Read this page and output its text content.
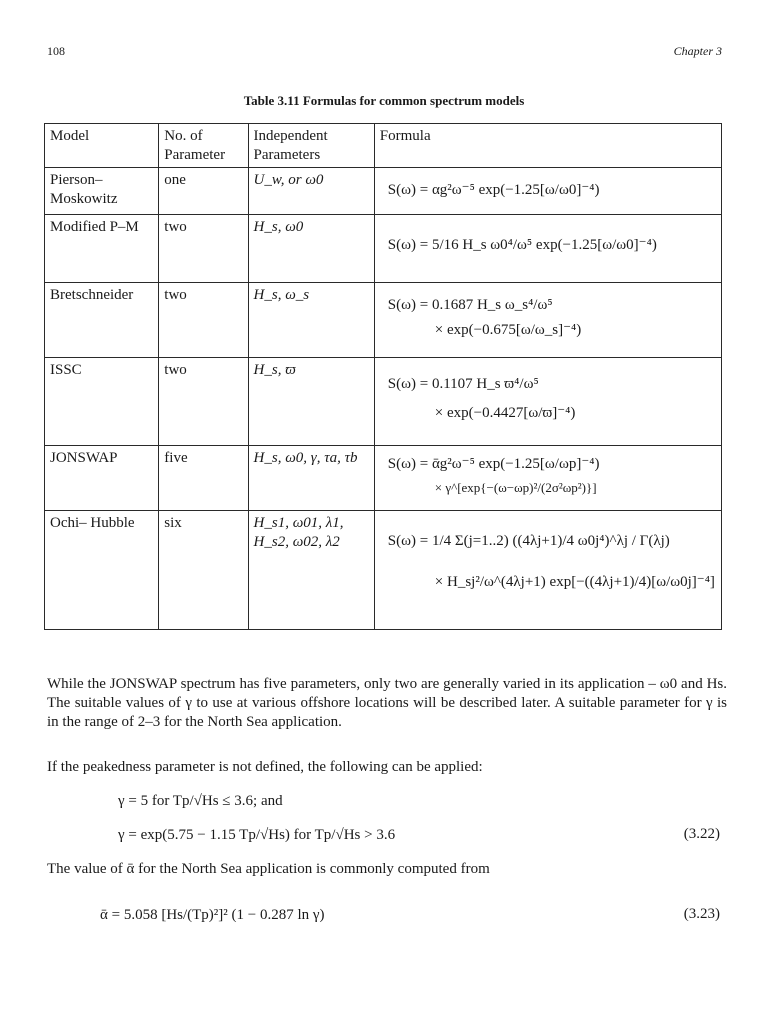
108	Chapter 3
Table 3.11 Formulas for common spectrum models
Model	No. of Parameter	Independent Parameters	Formula
Pierson– Moskowitz	one	U_w, or ω0	S(ω) = αg²ω⁻⁵ exp(−1.25[ω/ω0]⁻⁴)

Modified P–M	two	H_s, ω0	S(ω) = 5/16 H_s ω0⁴/ω⁵ exp(−1.25[ω/ω0]⁻⁴)

Bretschneider	two	H_s, ω_s	S(ω) = 0.1687 H_s ω_s⁴/ω⁵
× exp(−0.675[ω/ω_s]⁻⁴)

ISSC	two	H_s, ϖ	S(ω) = 0.1107 H_s ϖ⁴/ω⁵
× exp(−0.4427[ω/ϖ]⁻⁴)

JONSWAP	five	H_s, ω0, γ, τa, τb	S(ω) = ᾱg²ω⁻⁵ exp(−1.25[ω/ωp]⁻⁴)
× γ^[exp{−(ω−ωp)²/(2σ²ωp²)}]

Ochi– Hubble	six	H_s1, ω01, λ1, H_s2, ω02, λ2	S(ω) = 1/4 Σ(j=1..2) ((4λj+1)/4 ω0j⁴)^λj / Γ(λj)
× H_sj²/ω^(4λj+1) exp[−((4λj+1)/4)[ω/ω0j]⁻⁴]
While the JONSWAP spectrum has five parameters, only two are generally varied in its application – ω0 and Hs. The suitable values of γ to use at various offshore locations will be described later. A suitable parameter for γ is in the range of 2–3 for the North Sea application.
If the peakedness parameter is not defined, the following can be applied:
γ = 5 for Tp/√Hs ≤ 3.6; and
γ = exp(5.75 − 1.15 Tp/√Hs) for Tp/√Hs > 3.6	(3.22)
The value of ᾱ for the North Sea application is commonly computed from
ᾱ = 5.058 [Hs/(Tp)²]² (1 − 0.287 ln γ)	(3.23)
